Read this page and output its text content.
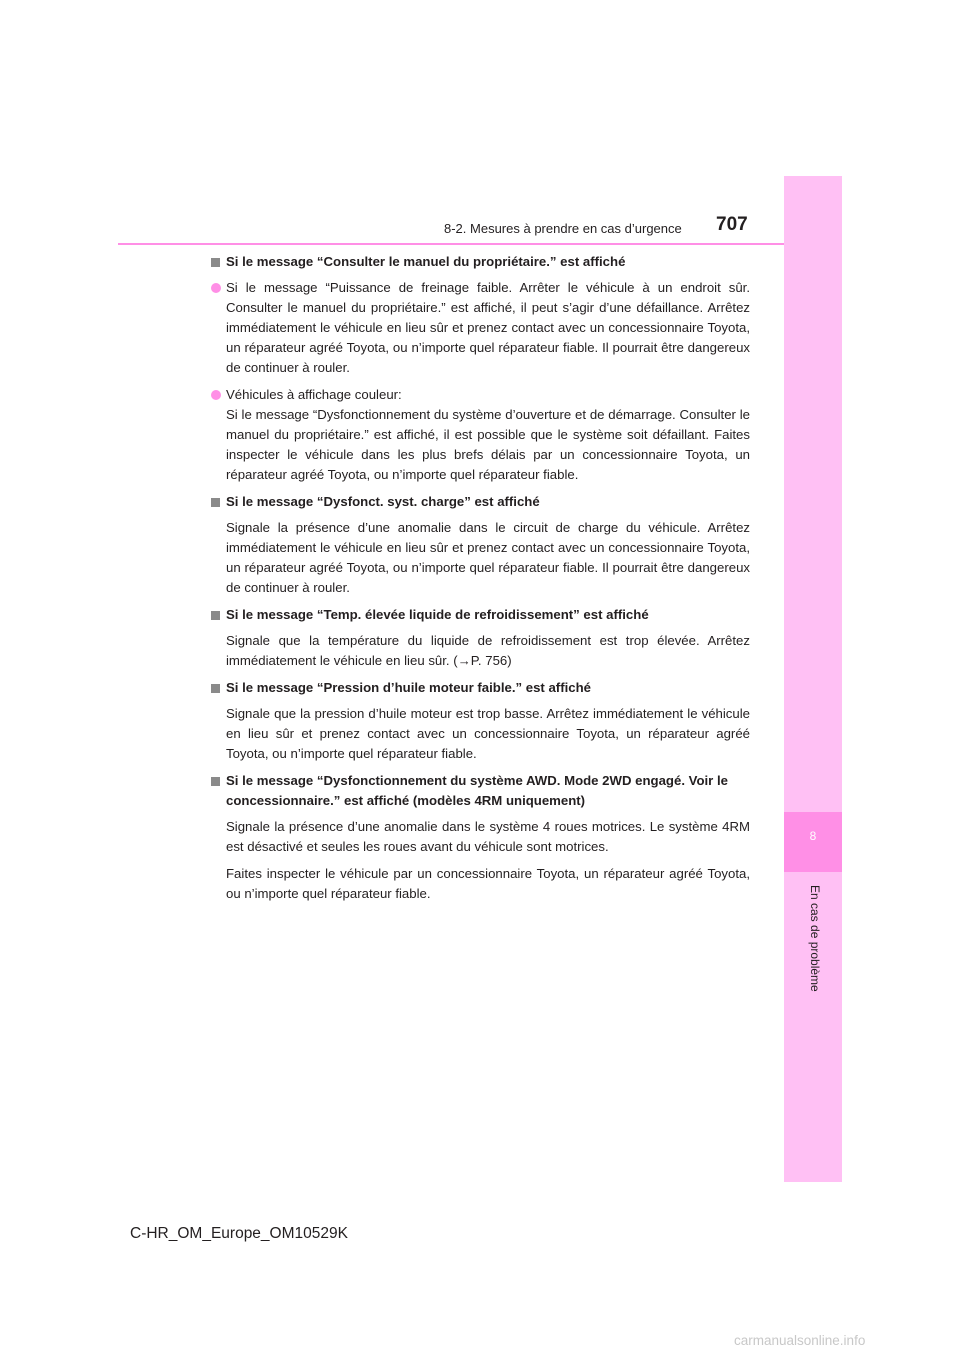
8
En cas de problème
8-2. Mesures à prendre en cas d’urgence 707
Si le message “Consulter le manuel du propriétaire.” est affiché
Si le message “Puissance de freinage faible. Arrêter le véhicule à un endroit sûr. Consulter le manuel du propriétaire.” est affiché, il peut s’agir d’une défaillance. Arrêtez immédiatement le véhicule en lieu sûr et prenez contact avec un concessionnaire Toyota, un réparateur agréé Toyota, ou n’importe quel réparateur fiable. Il pourrait être dangereux de continuer à rouler.
Véhicules à affichage couleur:
Si le message “Dysfonctionnement du système d’ouverture et de démarrage. Consulter le manuel du propriétaire.” est affiché, il est possible que le système soit défaillant. Faites inspecter le véhicule dans les plus brefs délais par un concessionnaire Toyota, un réparateur agréé Toyota, ou n’importe quel réparateur fiable.
Si le message “Dysfonct. syst. charge” est affiché
Signale la présence d’une anomalie dans le circuit de charge du véhicule. Arrêtez immédiatement le véhicule en lieu sûr et prenez contact avec un concessionnaire Toyota, un réparateur agréé Toyota, ou n’importe quel réparateur fiable. Il pourrait être dangereux de continuer à rouler.
Si le message “Temp. élevée liquide de refroidissement” est affiché
Signale que la température du liquide de refroidissement est trop élevée. Arrêtez immédiatement le véhicule en lieu sûr. (→P. 756)
Si le message “Pression d’huile moteur faible.” est affiché
Signale que la pression d’huile moteur est trop basse. Arrêtez immédiatement le véhicule en lieu sûr et prenez contact avec un concessionnaire Toyota, un réparateur agréé Toyota, ou n’importe quel réparateur fiable.
Si le message “Dysfonctionnement du système AWD. Mode 2WD engagé. Voir le concessionnaire.” est affiché (modèles 4RM uniquement)
Signale la présence d’une anomalie dans le système 4 roues motrices. Le système 4RM est désactivé et seules les roues avant du véhicule sont motrices.
Faites inspecter le véhicule par un concessionnaire Toyota, un réparateur agréé Toyota, ou n’importe quel réparateur fiable.
C-HR_OM_Europe_OM10529K
carmanualsonline.info
